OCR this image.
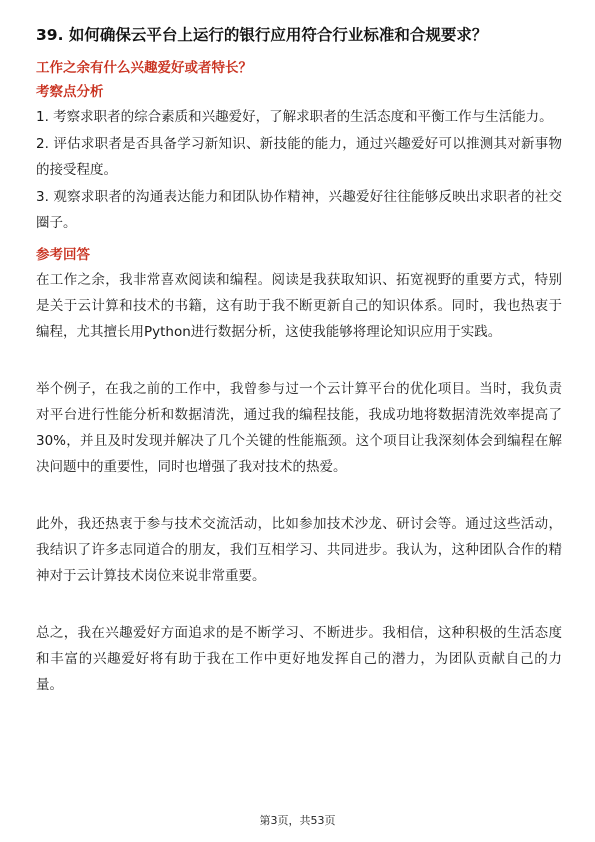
39. 如何确保云平台上运行的银行应用符合行业标准和合规要求？

工作之余有什么兴趣爱好或者特长？

考察点分析

1. 考察求职者的综合素质和兴趣爱好，了解求职者的生活态度和平衡工作与生活能力。

2. 评估求职者是否具备学习新知识、新技能的能力，通过兴趣爱好可以推测其对新事物的接受程度。

3. 观察求职者的沟通表达能力和团队协作精神，兴趣爱好往往能够反映出求职者的社交圈子。

参考回答

在工作之余，我非常喜欢阅读和编程。阅读是我获取知识、拓宽视野的重要方式，特别是关于云计算和技术的书籍，这有助于我不断更新自己的知识体系。同时，我也热衷于编程，尤其擅长用Python进行数据分析，这使我能够将理论知识应用于实践。

举个例子，在我之前的工作中，我曾参与过一个云计算平台的优化项目。当时，我负责对平台进行性能分析和数据清洗，通过我的编程技能，我成功地将数据清洗效率提高了30%，并且及时发现并解决了几个关键的性能瓶颈。这个项目让我深刻体会到编程在解决问题中的重要性，同时也增强了我对技术的热爱。

此外，我还热衷于参与技术交流活动，比如参加技术沙龙、研讨会等。通过这些活动，我结识了许多志同道合的朋友，我们互相学习、共同进步。我认为，这种团队合作的精神对于云计算技术岗位来说非常重要。

总之，我在兴趣爱好方面追求的是不断学习、不断进步。我相信，这种积极的生活态度和丰富的兴趣爱好将有助于我在工作中更好地发挥自己的潜力，为团队贡献自己的力量。

第3页，共53页
